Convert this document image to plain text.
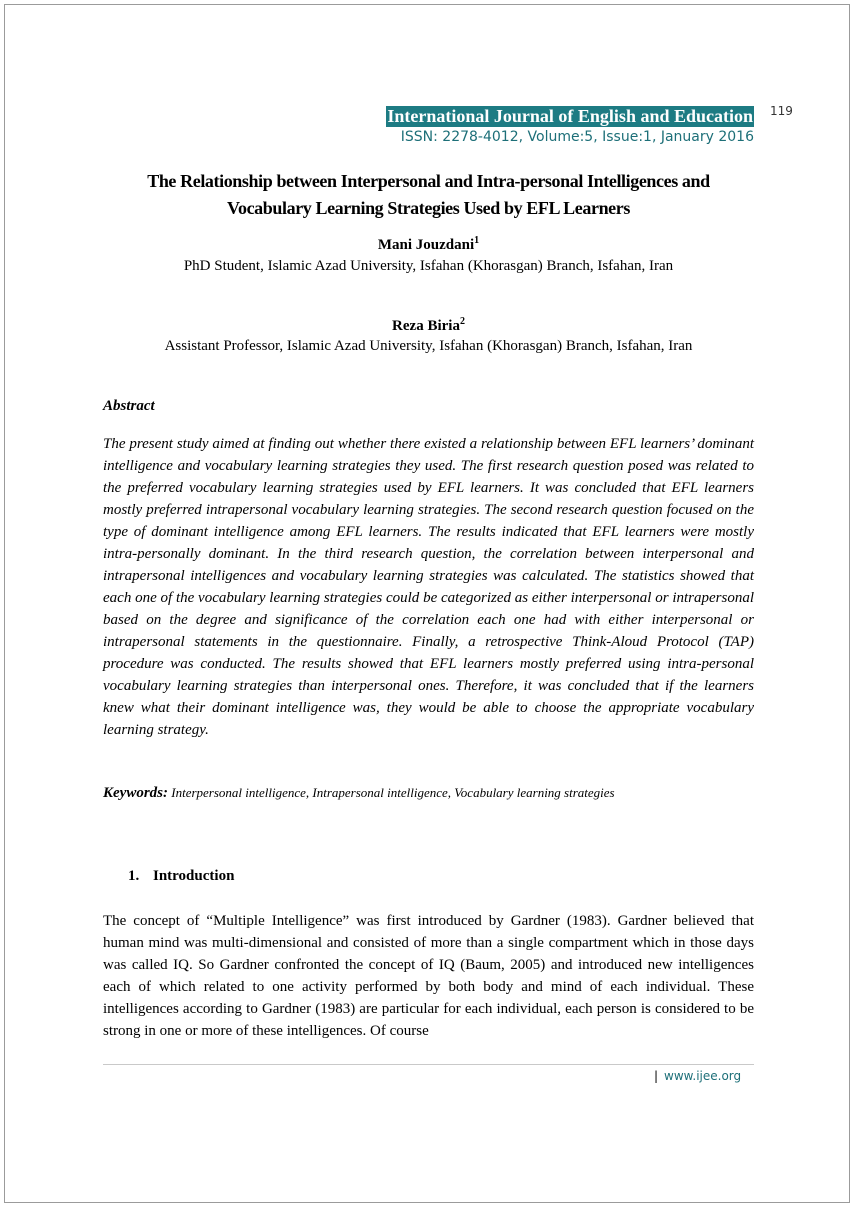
International Journal of English and Education 119
ISSN: 2278-4012, Volume:5, Issue:1, January 2016
The Relationship between Interpersonal and Intra-personal Intelligences and
Vocabulary Learning Strategies Used by EFL Learners
Mani Jouzdani$^1$
PhD Student, Islamic Azad University, Isfahan (Khorasgan) Branch, Isfahan, Iran
Reza Biria$^2$
Assistant Professor, Islamic Azad University, Isfahan (Khorasgan) Branch, Isfahan, Iran
Abstract

The present study aimed at finding out whether there existed a relationship between EFL learners’ dominant intelligence and vocabulary learning strategies they used. The first research question posed was related to the preferred vocabulary learning strategies used by EFL learners. It was concluded that EFL learners mostly preferred intrapersonal vocabulary learning strategies. The second research question focused on the type of dominant intelligence among EFL learners. The results indicated that EFL learners were mostly intra-personally dominant. In the third research question, the correlation between interpersonal and intrapersonal intelligences and vocabulary learning strategies was calculated. The statistics showed that each one of the vocabulary learning strategies could be categorized as either interpersonal or intrapersonal based on the degree and significance of the correlation each one had with either interpersonal or intrapersonal statements in the questionnaire. Finally, a retrospective Think-Aloud Protocol (TAP) procedure was conducted. The results showed that EFL learners mostly preferred using intra-personal vocabulary learning strategies than interpersonal ones. Therefore, it was concluded that if the learners knew what their dominant intelligence was, they would be able to choose the appropriate vocabulary learning strategy.

Keywords: Interpersonal intelligence, Intrapersonal intelligence, Vocabulary learning strategies
1. Introduction

The concept of “Multiple Intelligence” was first introduced by Gardner (1983). Gardner believed that human mind was multi-dimensional and consisted of more than a single compartment which in those days was called IQ. So Gardner confronted the concept of IQ (Baum, 2005) and introduced new intelligences each of which related to one activity performed by both body and mind of each individual. These intelligences according to Gardner (1983) are particular for each individual, each person is considered to be strong in one or more of these intelligences. Of course

| www.ijee.org
